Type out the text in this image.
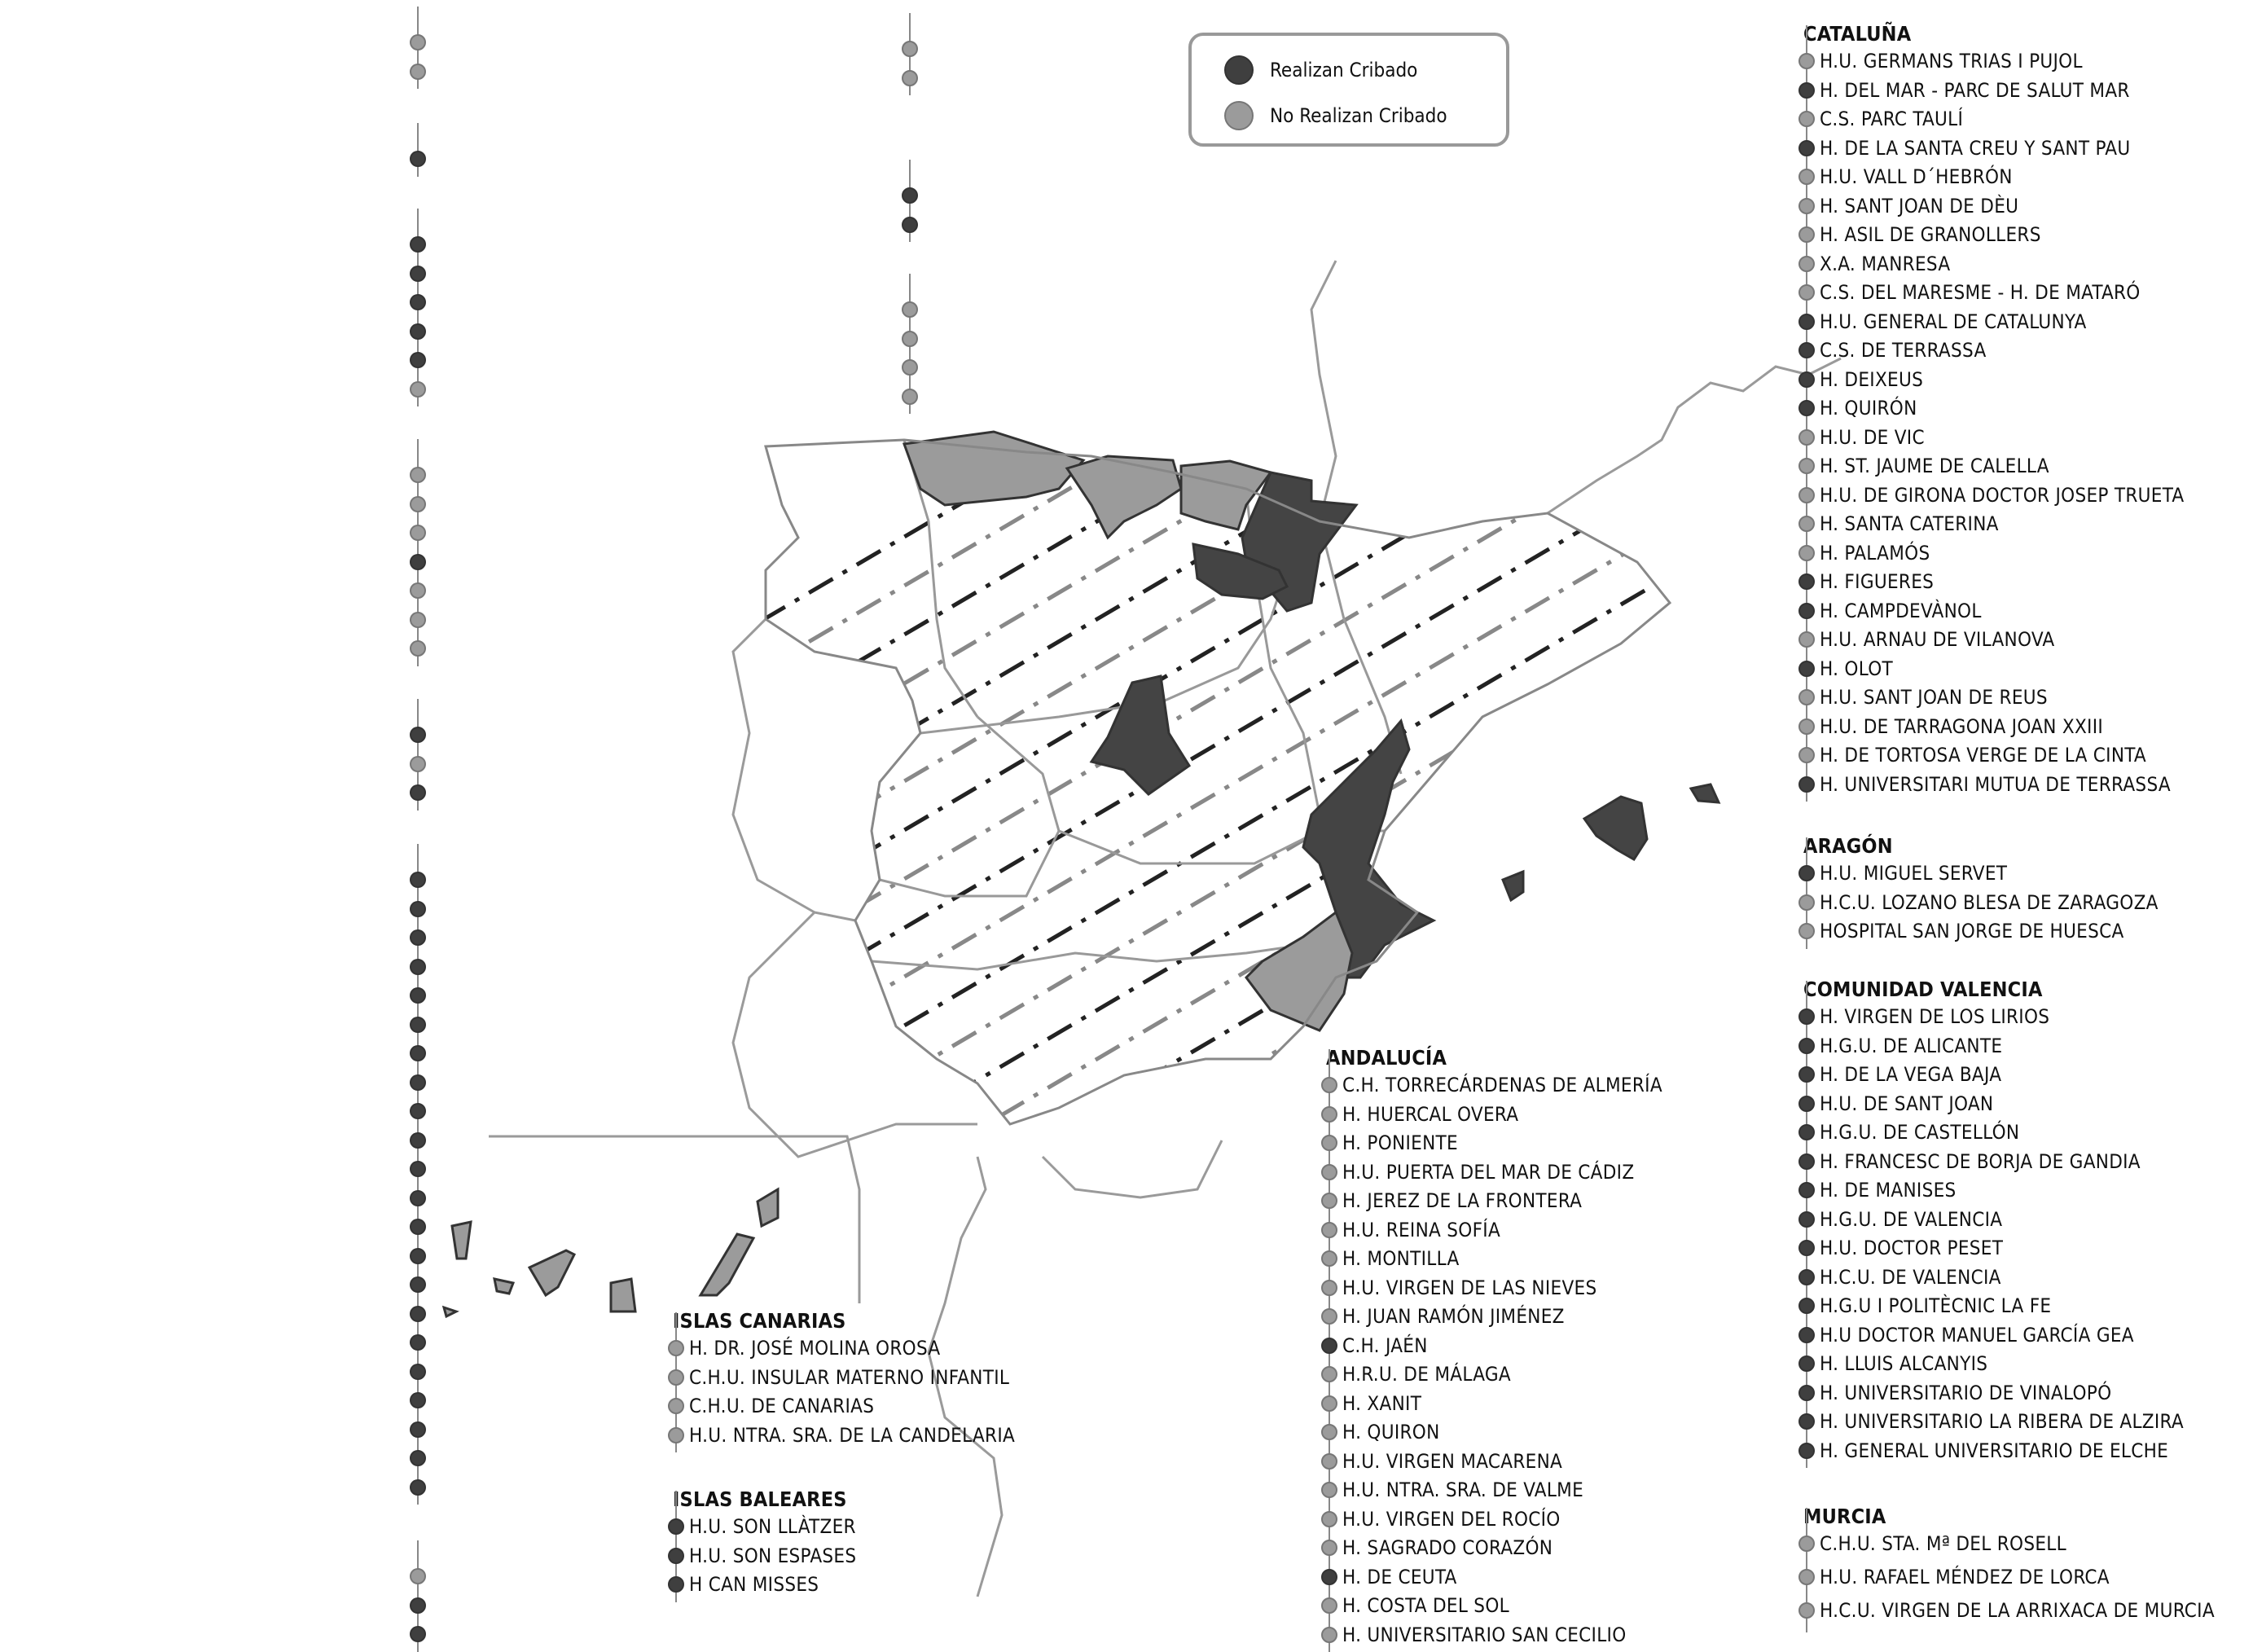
Realizan Cribado
No Realizan Cribado
ISLAS CANARIAS
H. DR. JOSÉ MOLINA OROSA
C.H.U. INSULAR MATERNO INFANTIL
C.H.U. DE CANARIAS
H.U. NTRA. SRA. DE LA CANDELARIA
ISLAS BALEARES
H.U. SON LLÀTZER
H.U. SON ESPASES
H CAN MISSES
ANDALUCÍA
C.H. TORRECÁRDENAS DE ALMERÍA
H. HUERCAL OVERA
H. PONIENTE
H.U. PUERTA DEL MAR DE CÁDIZ
H. JEREZ DE LA FRONTERA
H.U. REINA SOFÍA
H. MONTILLA
H.U. VIRGEN DE LAS NIEVES
H. JUAN RAMÓN JIMÉNEZ
C.H. JAÉN
H.R.U. DE MÁLAGA
H. XANIT
H. QUIRON
H.U. VIRGEN MACARENA
H.U. NTRA. SRA. DE VALME
H.U. VIRGEN DEL ROCÍO
H. SAGRADO CORAZÓN
H. DE CEUTA
H. COSTA DEL SOL
H. UNIVERSITARIO SAN CECILIO
CATALUÑA
H.U. GERMANS TRIAS I PUJOL
H. DEL MAR - PARC DE SALUT MAR
C.S. PARC TAULÍ
H. DE LA SANTA CREU Y SANT PAU
H.U. VALL D´HEBRÓN
H. SANT JOAN DE DÈU
H. ASIL DE GRANOLLERS
X.A. MANRESA
C.S. DEL MARESME - H. DE MATARÓ
H.U. GENERAL DE CATALUNYA
C.S. DE TERRASSA
H. DEIXEUS
H. QUIRÓN
H.U. DE VIC
H. ST. JAUME DE CALELLA
H.U. DE GIRONA DOCTOR JOSEP TRUETA
H. SANTA CATERINA
H. PALAMÓS
H. FIGUERES
H. CAMPDEVÀNOL
H.U. ARNAU DE VILANOVA
H. OLOT
H.U. SANT JOAN DE REUS
H.U. DE TARRAGONA JOAN XXIII
H. DE TORTOSA VERGE DE LA CINTA
H. UNIVERSITARI MUTUA DE TERRASSA
ARAGÓN
H.U. MIGUEL SERVET
H.C.U. LOZANO BLESA DE ZARAGOZA
HOSPITAL SAN JORGE DE HUESCA
COMUNIDAD VALENCIA
H. VIRGEN DE LOS LIRIOS
H.G.U. DE ALICANTE
H. DE LA VEGA BAJA
H.U. DE SANT JOAN
H.G.U. DE CASTELLÓN
H. FRANCESC DE BORJA DE GANDIA
H. DE MANISES
H.G.U. DE VALENCIA
H.U. DOCTOR PESET
H.C.U. DE VALENCIA
H.G.U I POLITÈCNIC LA FE
H.U DOCTOR MANUEL GARCÍA GEA
H. LLUIS ALCANYIS
H. UNIVERSITARIO DE VINALOPÓ
H. UNIVERSITARIO LA RIBERA DE ALZIRA
H. GENERAL UNIVERSITARIO DE ELCHE
MURCIA
C.H.U. STA. Mª DEL ROSELL
H.U. RAFAEL MÉNDEZ DE LORCA
H.C.U. VIRGEN DE LA ARRIXACA DE MURCIA
